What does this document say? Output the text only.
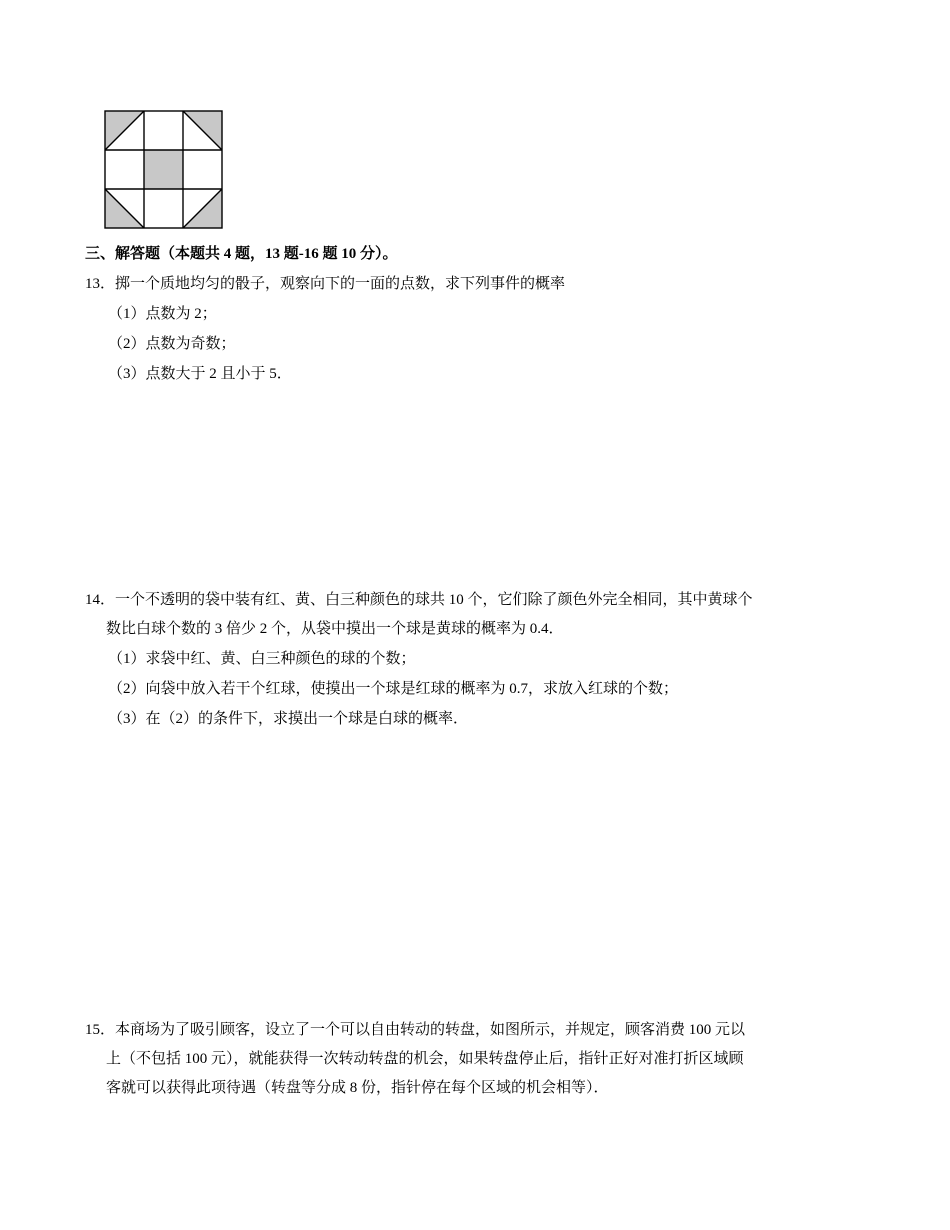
三、解答题（本题共 4 题，13 题-16 题 10 分）。
13．掷一个质地均匀的骰子，观察向下的一面的点数，求下列事件的概率
（1）点数为 2；
（2）点数为奇数；
（3）点数大于 2 且小于 5．
14．一个不透明的袋中装有红、黄、白三种颜色的球共 10 个，它们除了颜色外完全相同，其中黄球个
数比白球个数的 3 倍少 2 个，从袋中摸出一个球是黄球的概率为 0.4．
（1）求袋中红、黄、白三种颜色的球的个数；
（2）向袋中放入若干个红球，使摸出一个球是红球的概率为 0.7，求放入红球的个数；
（3）在（2）的条件下，求摸出一个球是白球的概率．
15．本商场为了吸引顾客，设立了一个可以自由转动的转盘，如图所示，并规定，顾客消费 100 元以
上（不包括 100 元），就能获得一次转动转盘的机会，如果转盘停止后，指针正好对准打折区域顾
客就可以获得此项待遇（转盘等分成 8 份，指针停在每个区域的机会相等）．
